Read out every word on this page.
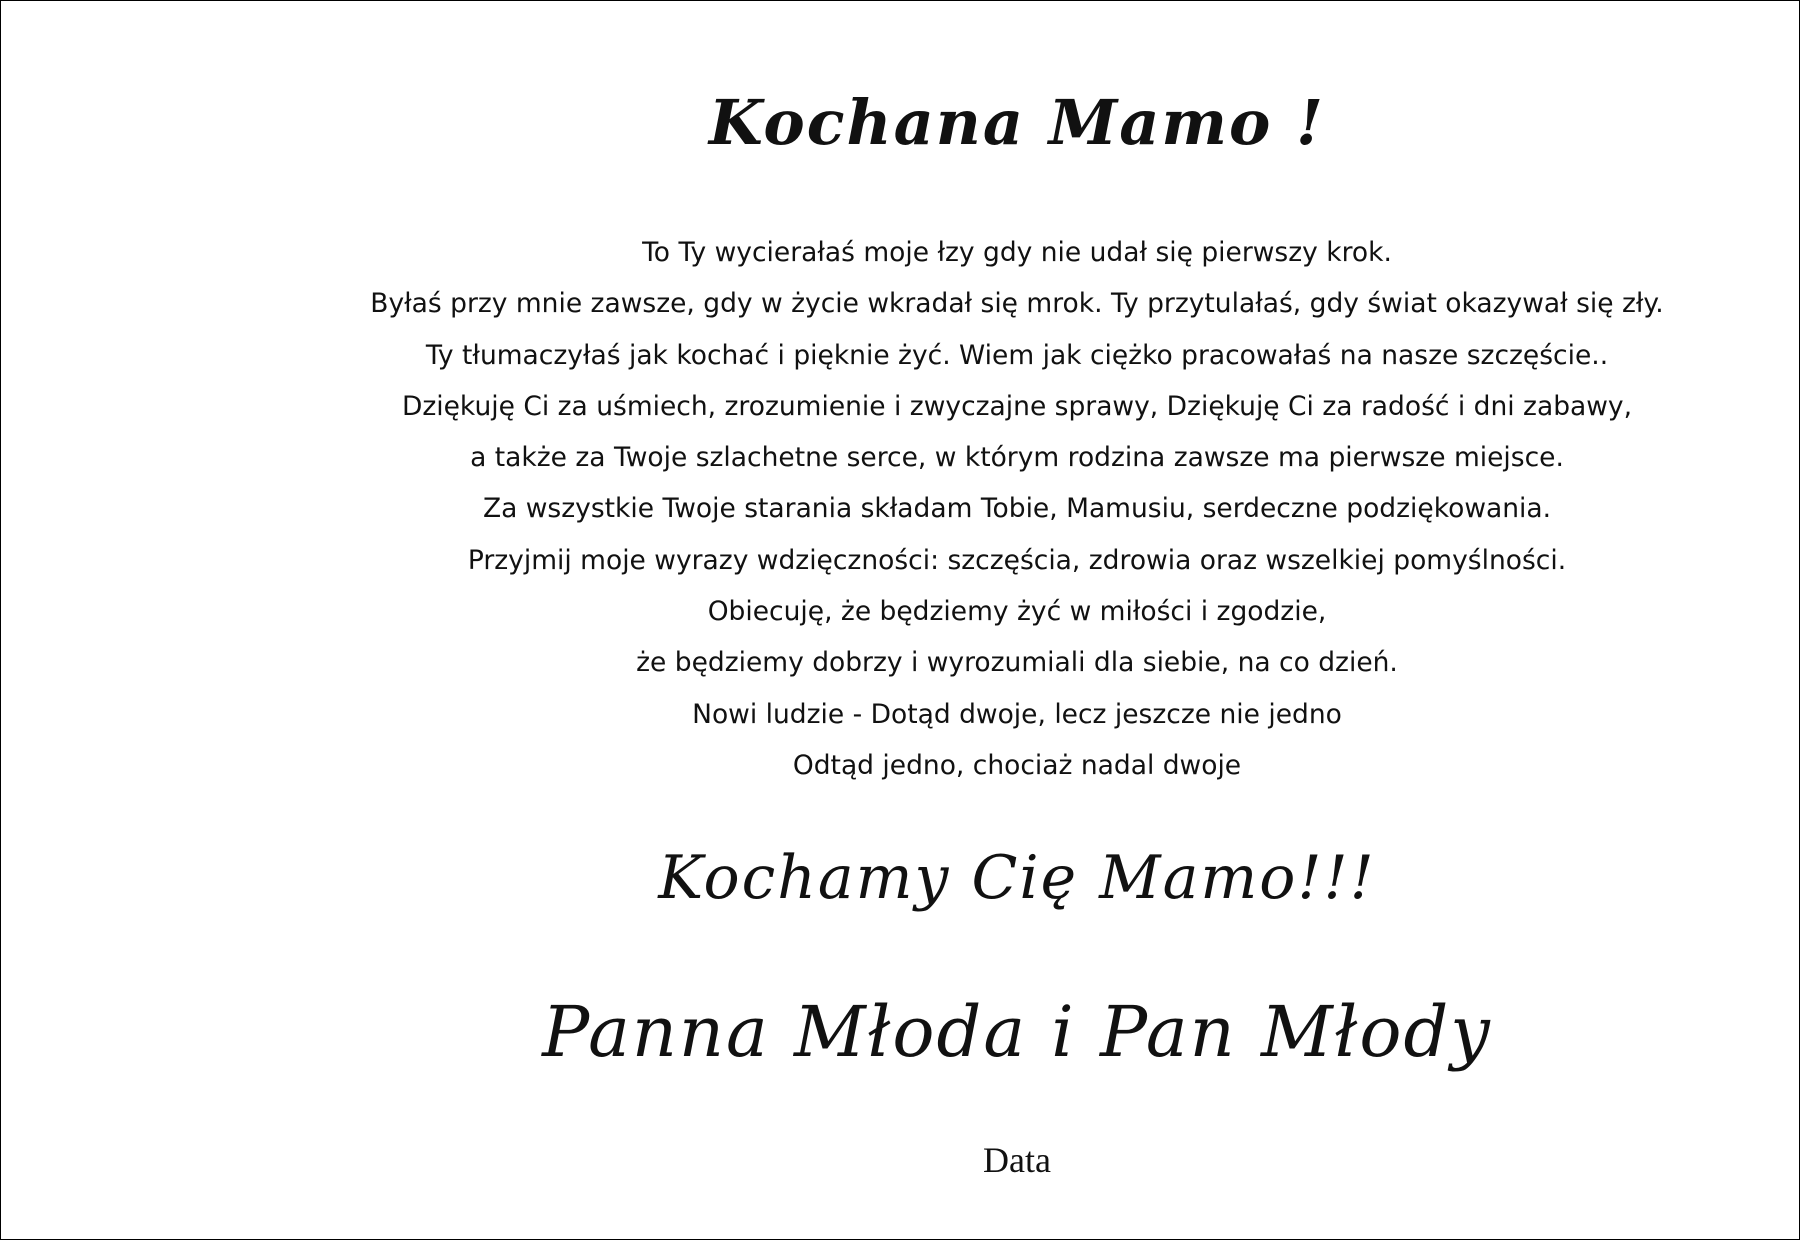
Kochana Mamo !
To Ty wycierałaś moje łzy gdy nie udał się pierwszy krok.
Byłaś przy mnie zawsze, gdy w życie wkradał się mrok. Ty przytulałaś, gdy świat okazywał się zły.
Ty tłumaczyłaś jak kochać i pięknie żyć. Wiem jak ciężko pracowałaś na nasze szczęście..
Dziękuję Ci za uśmiech, zrozumienie i zwyczajne sprawy, Dziękuję Ci za radość i dni zabawy,
a także za Twoje szlachetne serce, w którym rodzina zawsze ma pierwsze miejsce.
Za wszystkie Twoje starania składam Tobie, Mamusiu, serdeczne podziękowania.
Przyjmij moje wyrazy wdzięczności: szczęścia, zdrowia oraz wszelkiej pomyślności.
Obiecuję, że będziemy żyć w miłości i zgodzie,
że będziemy dobrzy i wyrozumiali dla siebie, na co dzień.
Nowi ludzie - Dotąd dwoje, lecz jeszcze nie jedno
Odtąd jedno, chociaż nadal dwoje
Kochamy Cię Mamo!!!
Panna Młoda i Pan Młody
Data
